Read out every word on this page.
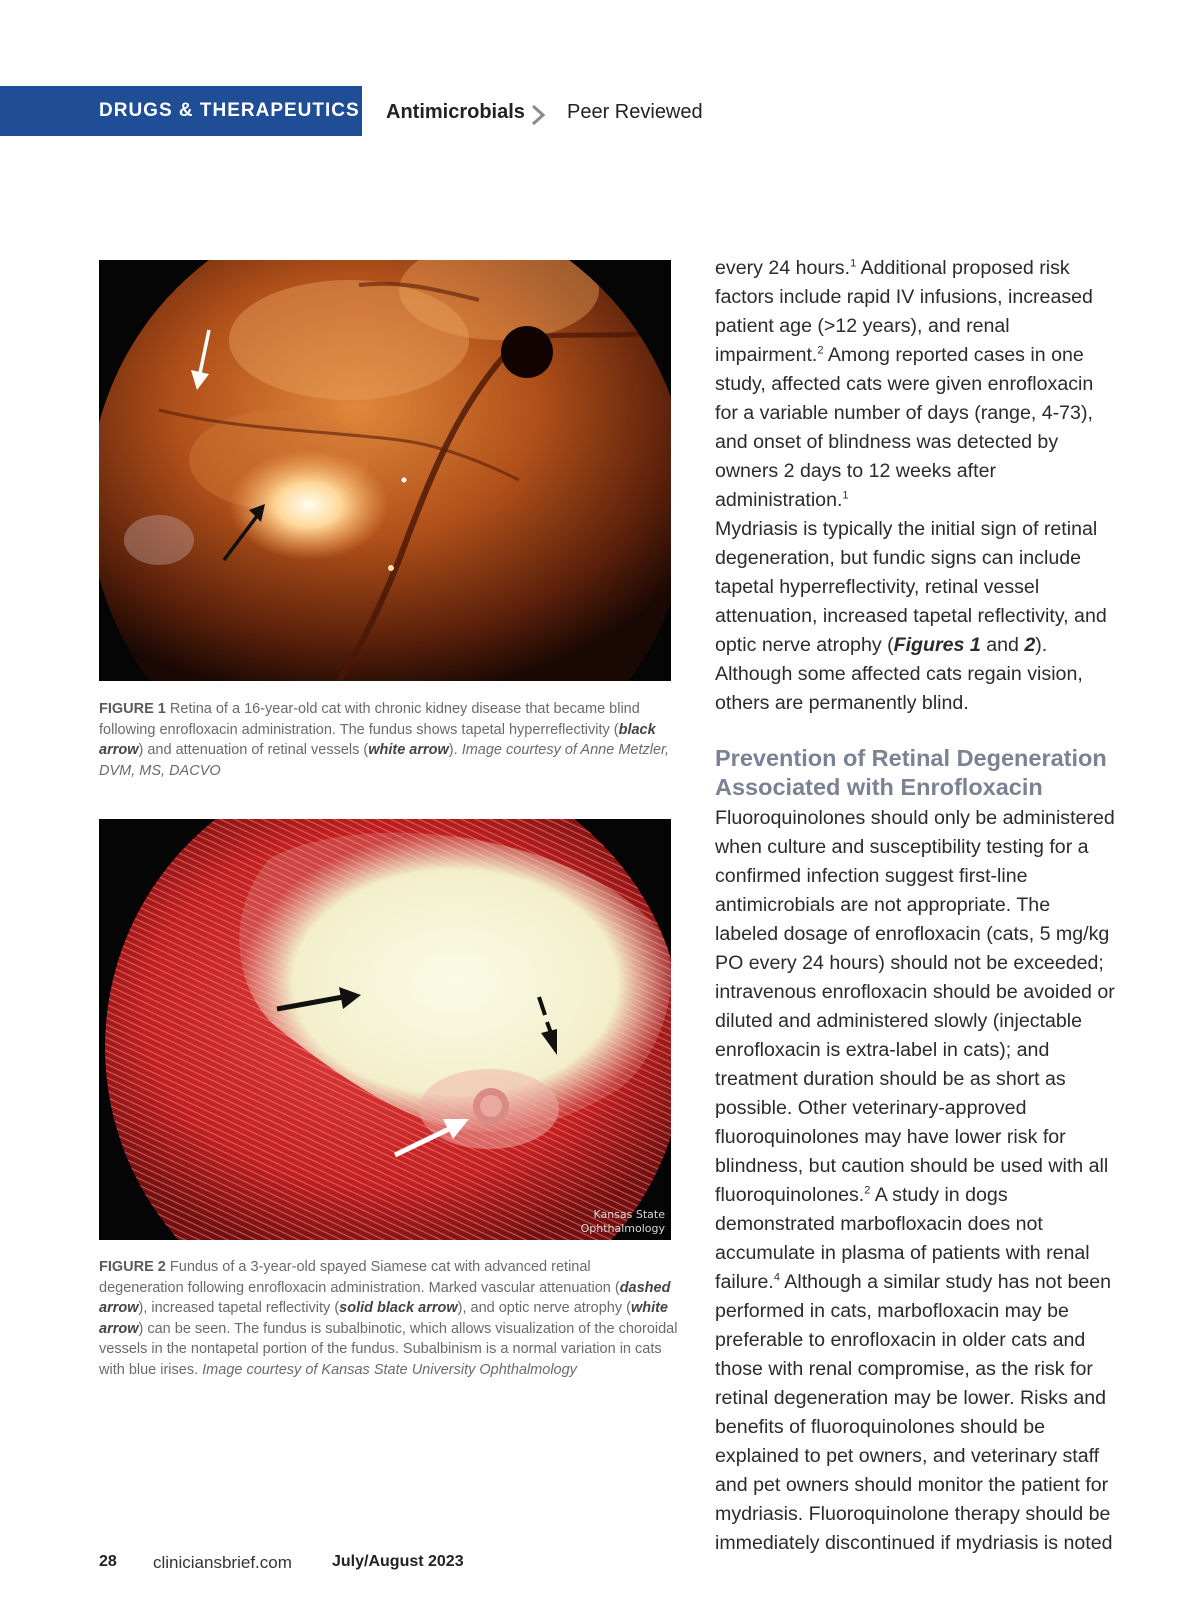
DRUGS & THERAPEUTICS Antimicrobials Peer Reviewed
FIGURE 1 Retina of a 16-year-old cat with chronic kidney disease that became blind following enrofloxacin administration. The fundus shows tapetal hyperreflectivity (black arrow) and attenuation of retinal vessels (white arrow). Image courtesy of Anne Metzler, DVM, MS, DACVO
Kansas State
Ophthalmology
FIGURE 2 Fundus of a 3-year-old spayed Siamese cat with advanced retinal degeneration following enrofloxacin administration. Marked vascular attenuation (dashed arrow), increased tapetal reflectivity (solid black arrow), and optic nerve atrophy (white arrow) can be seen. The fundus is subalbinotic, which allows visualization of the choroidal vessels in the nontapetal portion of the fundus. Subalbinism is a normal variation in cats with blue irises. Image courtesy of Kansas State University Ophthalmology
every 24 hours.$^1$ Additional proposed risk factors include rapid IV infusions, increased patient age (>12 years), and renal impairment.$^2$ Among reported cases in one study, affected cats were given enrofloxacin for a variable number of days (range, 4-73), and onset of blindness was detected by owners 2 days to 12 weeks after administration.$^1$
Mydriasis is typically the initial sign of retinal degeneration, but fundic signs can include tapetal hyperreflectivity, retinal vessel attenuation, increased tapetal reflectivity, and optic nerve atrophy (Figures 1 and 2). Although some affected cats regain vision, others are permanently blind.
Prevention of Retinal Degeneration Associated with Enrofloxacin
Fluoroquinolones should only be administered when culture and susceptibility testing for a confirmed infection suggest first-line antimicrobials are not appropriate. The labeled dosage of enrofloxacin (cats, 5 mg/kg PO every 24 hours) should not be exceeded; intravenous enrofloxacin should be avoided or diluted and administered slowly (injectable enrofloxacin is extra-label in cats); and treatment duration should be as short as possible. Other veterinary-approved fluoroquinolones may have lower risk for blindness, but caution should be used with all fluoroquinolones.$^2$ A study in dogs demonstrated marbofloxacin does not accumulate in plasma of patients with renal failure.$^4$ Although a similar study has not been performed in cats, marbofloxacin may be preferable to enrofloxacin in older cats and those with renal compromise, as the risk for retinal degeneration may be lower. Risks and benefits of fluoroquinolones should be explained to pet owners, and veterinary staff and pet owners should monitor the patient for mydriasis. Fluoroquinolone therapy should be immediately discontinued if mydriasis is noted
28 cliniciansbrief.com	July/August 2023
